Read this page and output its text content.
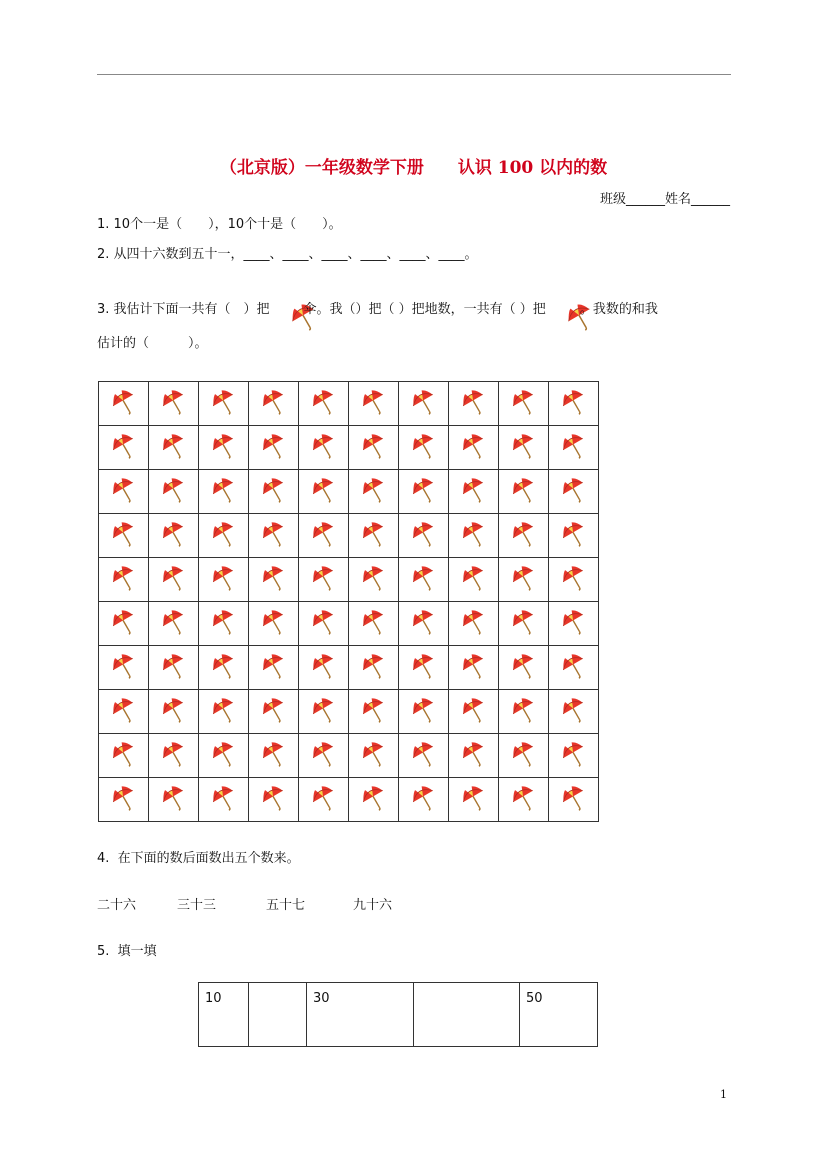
（北京版）一年级数学下册　　认识 100 以内的数
班级______姓名______
1. 10个一是（　　），10个十是（　　）。
2. 从四十六数到五十一，____、____、____、____、____、____。
3. 我估计下面一共有（　）把

	伞。我（）把（ ）把地数，一共有（ ）把

	。我数的和我
估计的（　　　）。
4.  在下面的数后面数出五个数来。
二十六	三十三	五十七	九十六
5.  填一填
10		30		50
1
